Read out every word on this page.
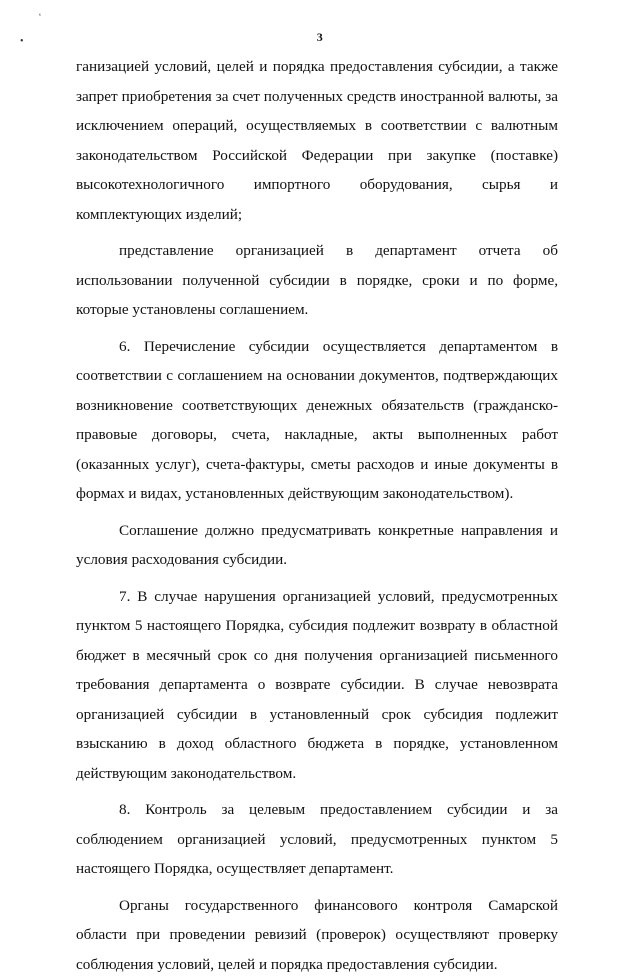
ʹ
•	3

ганизацией условий, целей и порядка предоставления субсидии, а также запрет приобретения за счет полученных средств иностранной валюты, за исключением операций, осуществляемых в соответствии с валютным законодательством Российской Федерации при закупке (поставке) высокотехнологичного импортного оборудования, сырья и комплектующих изделий;

представление организацией в департамент отчета об использовании полученной субсидии в порядке, сроки и по форме, которые установлены соглашением.

6. Перечисление субсидии осуществляется департаментом в соответствии с соглашением на основании документов, подтверждающих возникновение соответствующих денежных обязательств (гражданско-правовые договоры, счета, накладные, акты выполненных работ (оказанных услуг), счета-фактуры, сметы расходов и иные документы в формах и видах, установленных действующим законодательством).

Соглашение должно предусматривать конкретные направления и условия расходования субсидии.

7. В случае нарушения организацией условий, предусмотренных пунктом 5 настоящего Порядка, субсидия подлежит возврату в областной бюджет в месячный срок со дня получения организацией письменного требования департамента о возврате субсидии. В случае невозврата организацией субсидии в установленный срок субсидия подлежит взысканию в доход областного бюджета в порядке, установленном действующим законодательством.

8. Контроль за целевым предоставлением субсидии и за соблюдением организацией условий, предусмотренных пунктом 5 настоящего Порядка, осуществляет департамент.

Органы государственного финансового контроля Самарской области при проведении ревизий (проверок) осуществляют проверку соблюдения условий, целей и порядка предоставления субсидии.
